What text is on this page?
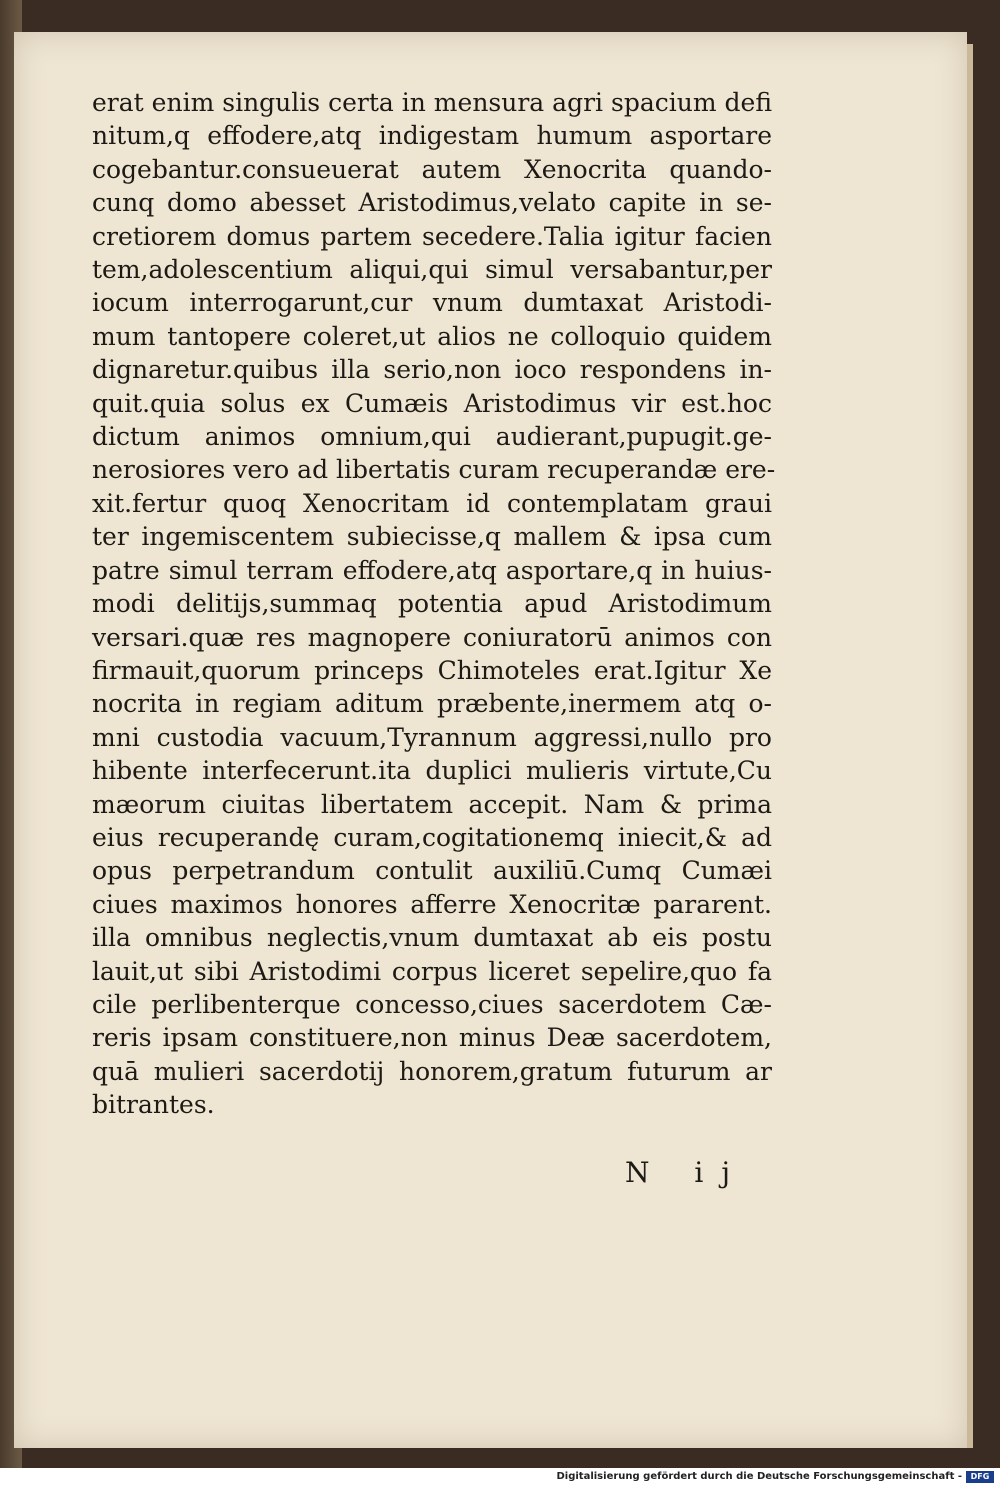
erat enim singulis certa in mensura agri spacium defi
nitum,q effodere,atq indigestam humum asportare
cogebantur.consueuerat autem Xenocrita quando-
cunq domo abesset Aristodimus,velato capite in se-
cretiorem domus partem secedere.Talia igitur facien
tem,adolescentium aliqui,qui simul versabantur,per
iocum interrogarunt,cur vnum dumtaxat Aristodi-
mum tantopere coleret,ut alios ne colloquio quidem
dignaretur.quibus illa serio,non ioco respondens in-
quit.quia solus ex Cumæis Aristodimus vir est.hoc
dictum animos omnium,qui audierant,pupugit.ge-
nerosiores vero ad libertatis curam recuperandæ ere-
xit.fertur quoq Xenocritam id contemplatam graui
ter ingemiscentem subiecisse,q mallem & ipsa cum
patre simul terram effodere,atq asportare,q in huius-
modi delitijs,summaq potentia apud Aristodimum
versari.quæ res magnopere coniuratorū animos con
firmauit,quorum princeps Chimoteles erat.Igitur Xe
nocrita in regiam aditum præbente,inermem atq o-
mni custodia vacuum,Tyrannum aggressi,nullo pro
hibente interfecerunt.ita duplici mulieris virtute,Cu
mæorum ciuitas libertatem accepit. Nam & prima
eius recuperandę curam,cogitationemq iniecit,& ad
opus perpetrandum contulit auxiliū.Cumq Cumæi
ciues maximos honores afferre Xenocritæ pararent.
illa omnibus neglectis,vnum dumtaxat ab eis postu
lauit,ut sibi Aristodimi corpus liceret sepelire,quo fa
cile perlibenterque concesso,ciues sacerdotem Cæ-
reris ipsam constituere,non minus Deæ sacerdotem,
quā mulieri sacerdotij honorem,gratum futurum ar
bitrantes.
N ij
Digitalisierung gefördert durch die Deutsche Forschungsgemeinschaft -	DFG
